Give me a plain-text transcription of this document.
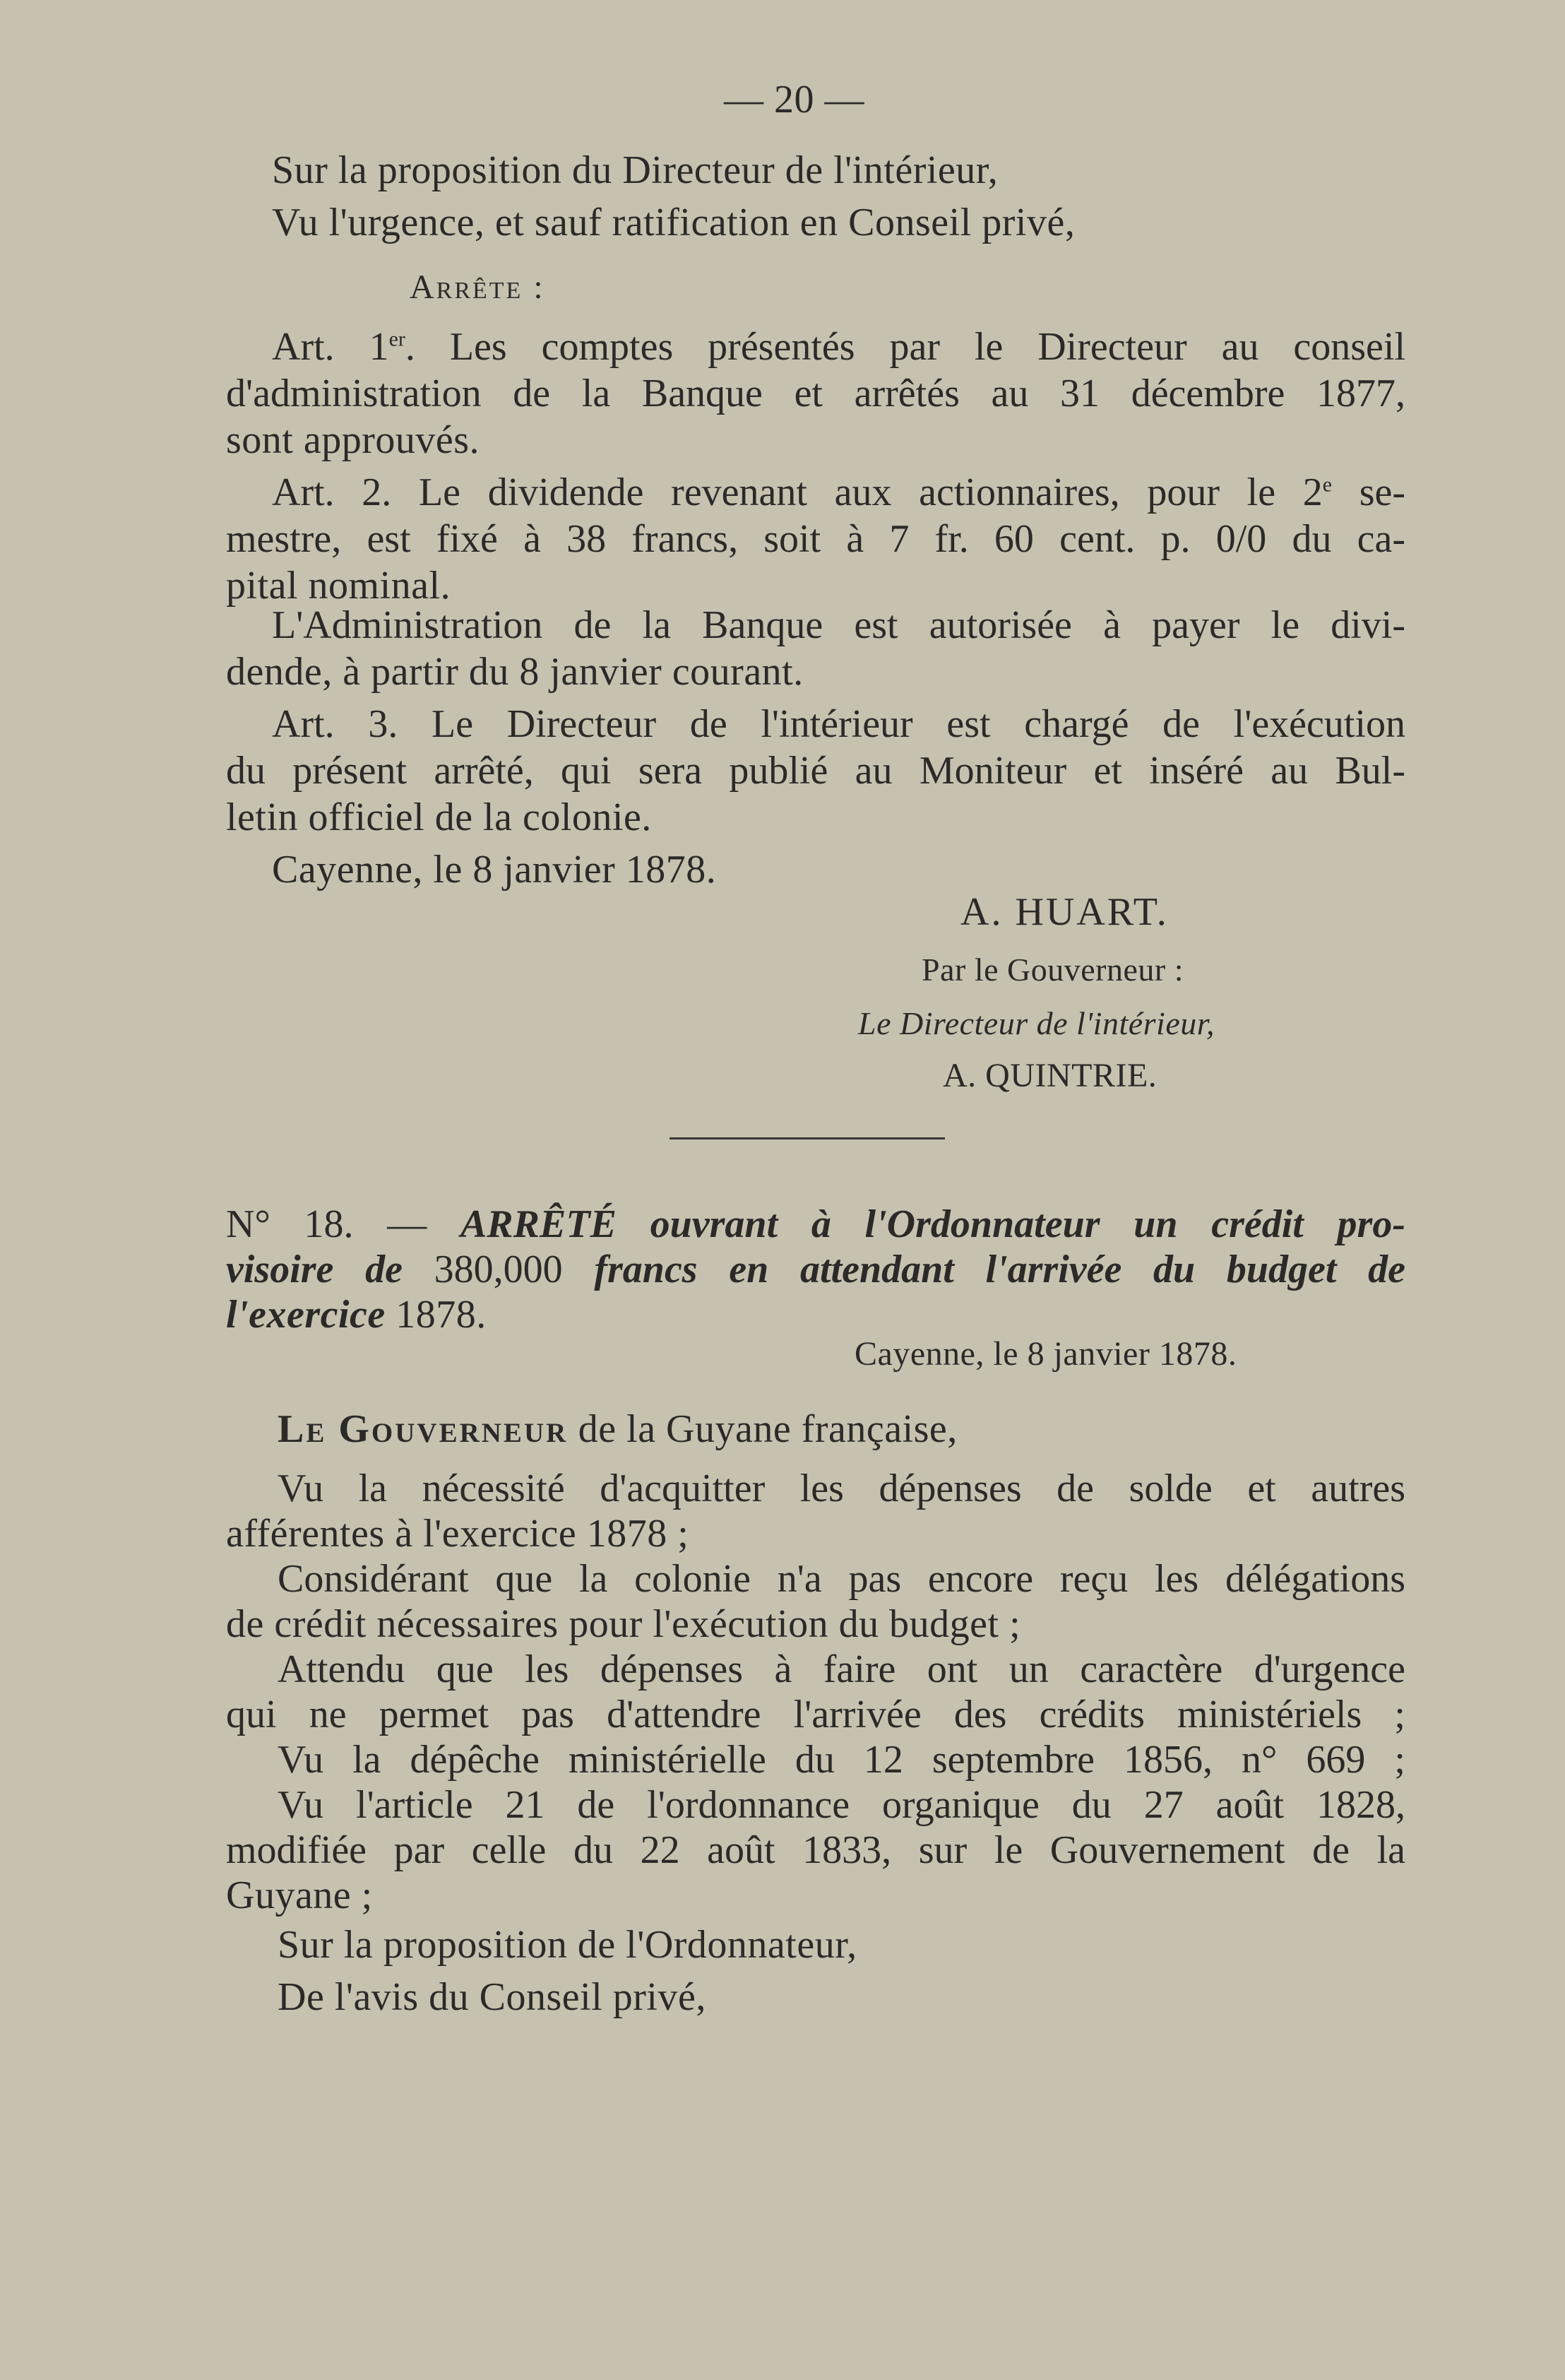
— 20 —
Sur la proposition du Directeur de l'intérieur,
Vu l'urgence, et sauf ratification en Conseil privé,
Arrête :
Art. 1er. Les comptes présentés par le Directeur au conseil
d'administration de la Banque et arrêtés au 31 décembre 1877,
sont approuvés.
Art. 2. Le dividende revenant aux actionnaires, pour le 2e se-
mestre, est fixé à 38 francs, soit à 7 fr. 60 cent. p. 0/0 du ca-
pital nominal.
L'Administration de la Banque est autorisée à payer le divi-
dende, à partir du 8 janvier courant.
Art. 3. Le Directeur de l'intérieur est chargé de l'exécution
du présent arrêté, qui sera publié au Moniteur et inséré au Bul-
letin officiel de la colonie.
Cayenne, le 8 janvier 1878.
A. HUART.
Par le Gouverneur :
Le Directeur de l'intérieur,
A. QUINTRIE.
N° 18. — ARRÊTÉ ouvrant à l'Ordonnateur un crédit pro-
visoire de 380,000 francs en attendant l'arrivée du budget de
l'exercice 1878.
Cayenne, le 8 janvier 1878.
Le Gouverneur de la Guyane française,
Vu la nécessité d'acquitter les dépenses de solde et autres
afférentes à l'exercice 1878 ;
Considérant que la colonie n'a pas encore reçu les délégations
de crédit nécessaires pour l'exécution du budget ;
Attendu que les dépenses à faire ont un caractère d'urgence
qui ne permet pas d'attendre l'arrivée des crédits ministériels ;
Vu la dépêche ministérielle du 12 septembre 1856, n° 669 ;
Vu l'article 21 de l'ordonnance organique du 27 août 1828,
modifiée par celle du 22 août 1833, sur le Gouvernement de la
Guyane ;
Sur la proposition de l'Ordonnateur,
De l'avis du Conseil privé,
